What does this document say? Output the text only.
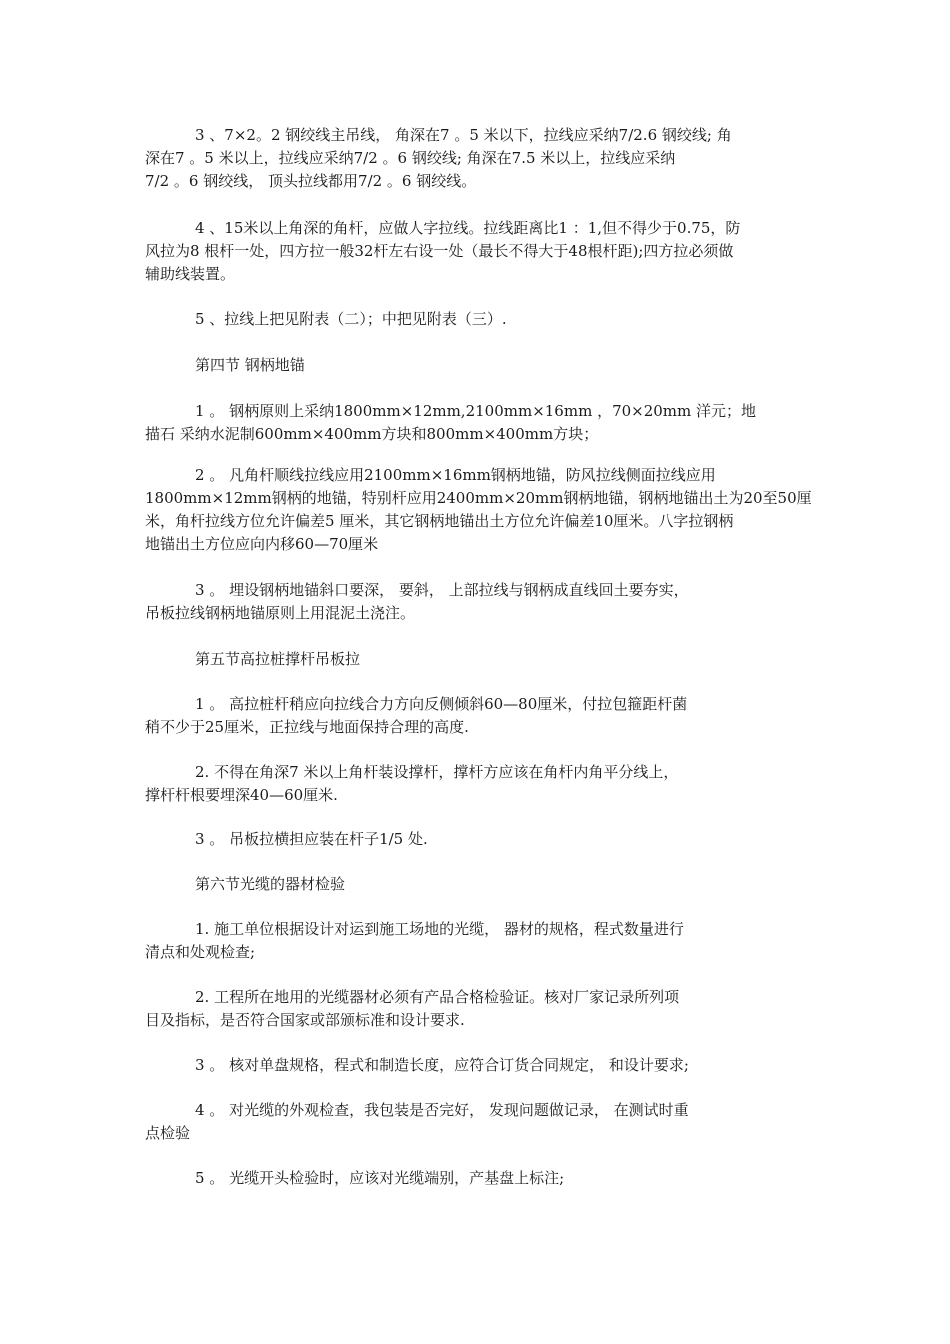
3 、7×2。2 钢绞线主吊线， 角深在7 。5 米以下，拉线应采纳7/2.6 钢绞线; 角
深在7 。5 米以上，拉线应采纳7/2 。6 钢绞线; 角深在7.5 米以上，拉线应采纳
7/2 。6 钢绞线， 顶头拉线都用7/2 。6 钢绞线。
4 、15米以上角深的角杆，应做人字拉线。拉线距离比1 ：1,但不得少于0.75，防
风拉为8 根杆一处，四方拉一般32杆左右设一处（最长不得大于48根杆距);四方拉必须做
辅助线装置。
5 、拉线上把见附表（二）；中把见附表（三）.
第四节 钢柄地锚
1 。 钢柄原则上采纳1800mm×12mm,2100mm×16mm ，70×20mm 洋元；地
描石 采纳水泥制600mm×400mm方块和800mm×400mm方块；
2 。 凡角杆顺线拉线应用2100mm×16mm钢柄地锚，防风拉线侧面拉线应用
1800mm×12mm钢柄的地锚，特别杆应用2400mm×20mm钢柄地锚，钢柄地锚出土为20至50厘
米，角杆拉线方位允许偏差5 厘米，其它钢柄地锚出土方位允许偏差10厘米。八字拉钢柄
地锚出土方位应向内移60—70厘米
3 。 埋设钢柄地锚斜口要深， 要斜， 上部拉线与钢柄成直线回土要夯实，
吊板拉线钢柄地锚原则上用混泥土浇注。
第五节高拉桩撑杆吊板拉
1 。 高拉桩杆稍应向拉线合力方向反侧倾斜60—80厘米，付拉包箍距杆菌
稍不少于25厘米，正拉线与地面保持合理的高度.
2. 不得在角深7 米以上角杆装设撑杆，撑杆方应该在角杆内角平分线上，
撑杆杆根要埋深40—60厘米.
3 。 吊板拉横担应装在杆子1/5 处.
第六节光缆的器材检验
1. 施工单位根据设计对运到施工场地的光缆， 器材的规格，程式数量进行
清点和处观检查;
2. 工程所在地用的光缆器材必须有产品合格检验证。核对厂家记录所列项
目及指标，是否符合国家或部颁标准和设计要求.
3 。 核对单盘规格，程式和制造长度，应符合订货合同规定， 和设计要求;
4 。 对光缆的外观检查，我包装是否完好， 发现问题做记录， 在测试时重
点检验
5 。 光缆开头检验时，应该对光缆端别，产基盘上标注;
